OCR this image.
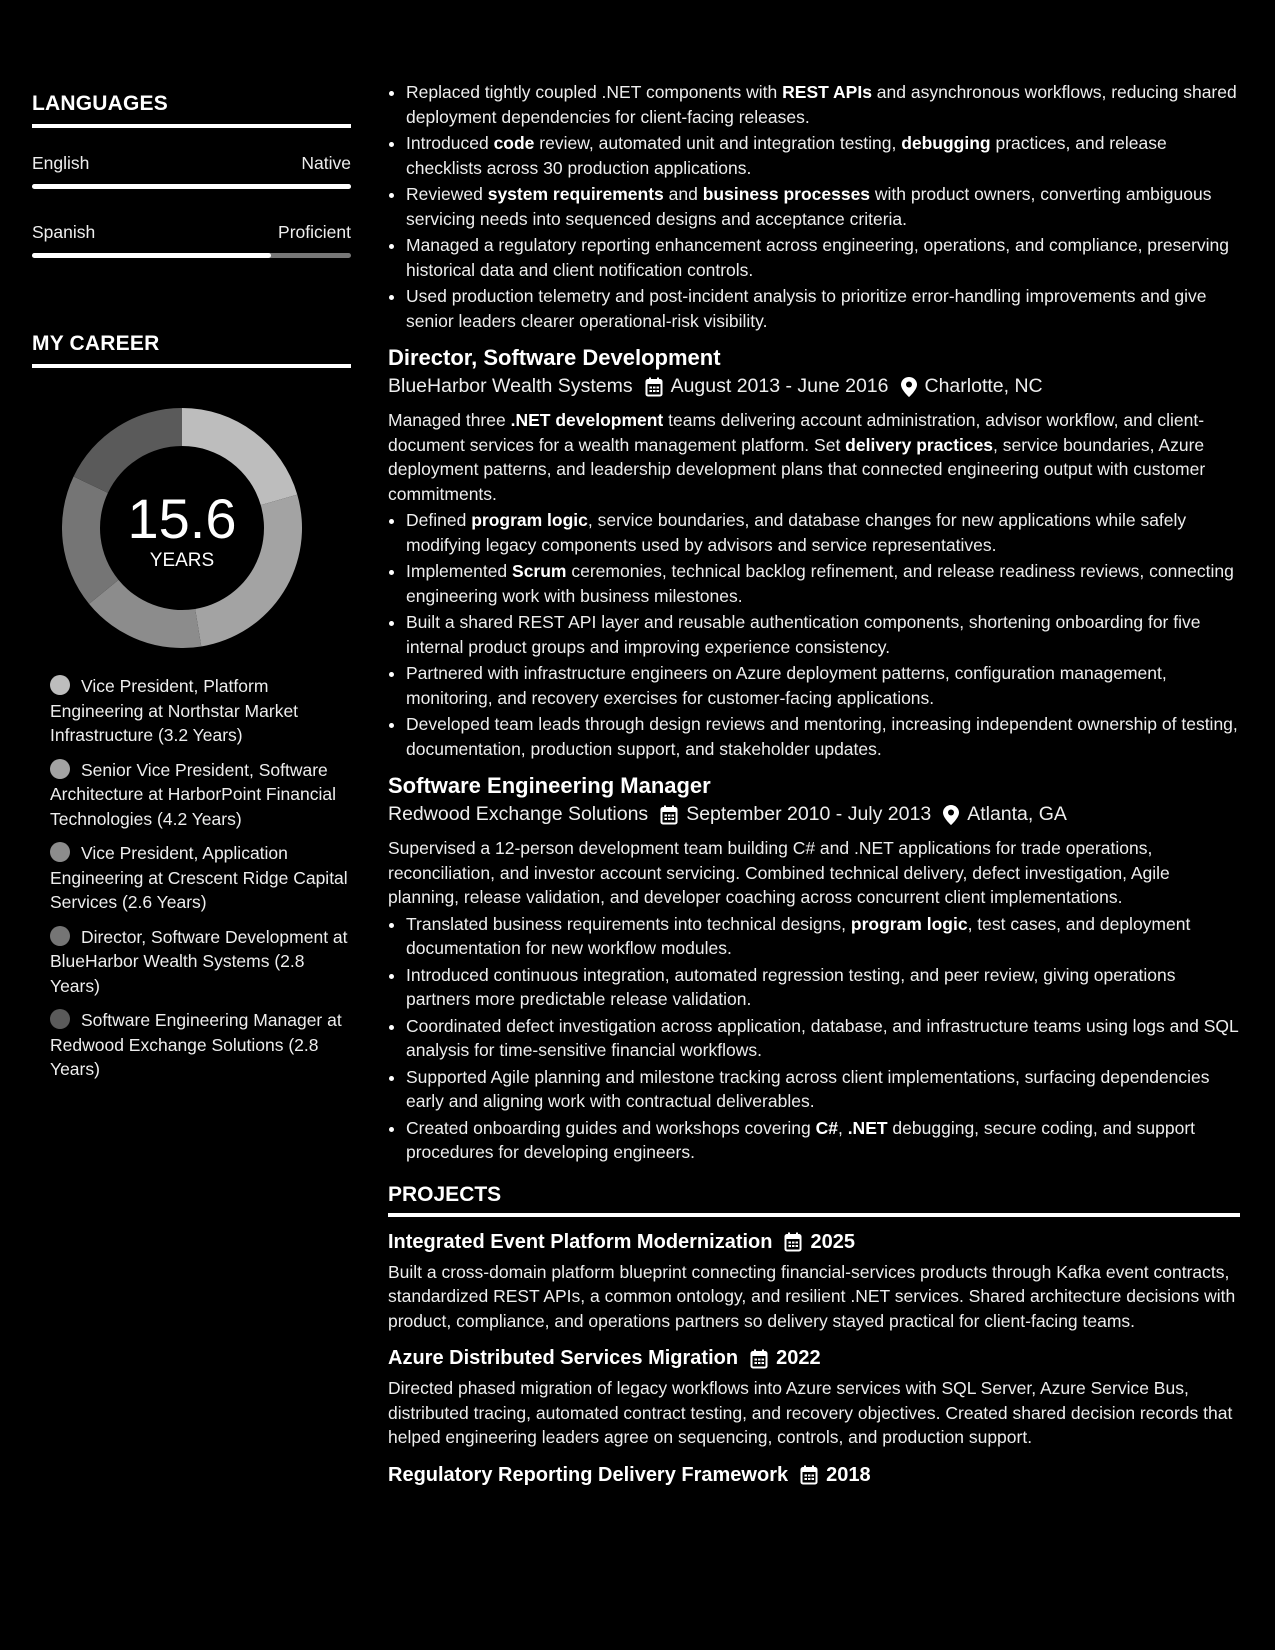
LANGUAGES
English	Native
Spanish	Proficient
MY CAREER
15.6
YEARS
Vice President, Platform Engineering at Northstar Market Infrastructure (3.2 Years)
Senior Vice President, Software Architecture at HarborPoint Financial Technologies (4.2 Years)
Vice President, Application Engineering at Crescent Ridge Capital Services (2.6 Years)
Director, Software Development at BlueHarbor Wealth Systems (2.8 Years)
Software Engineering Manager at Redwood Exchange Solutions (2.8 Years)
• Replaced tightly coupled .NET components with REST APIs and asynchronous workflows, reducing shared deployment dependencies for client-facing releases.
• Introduced code review, automated unit and integration testing, debugging practices, and release checklists across 30 production applications.
• Reviewed system requirements and business processes with product owners, converting ambiguous servicing needs into sequenced designs and acceptance criteria.
• Managed a regulatory reporting enhancement across engineering, operations, and compliance, preserving historical data and client notification controls.
• Used production telemetry and post-incident analysis to prioritize error-handling improvements and give senior leaders clearer operational-risk visibility.
Director, Software Development
BlueHarbor Wealth Systems August 2013 - June 2016 Charlotte, NC

Managed three .NET development teams delivering account administration, advisor workflow, and client-document services for a wealth management platform. Set delivery practices, service boundaries, Azure deployment patterns, and leadership development plans that connected engineering output with customer commitments.

• Defined program logic, service boundaries, and database changes for new applications while safely modifying legacy components used by advisors and service representatives.
• Implemented Scrum ceremonies, technical backlog refinement, and release readiness reviews, connecting engineering work with business milestones.
• Built a shared REST API layer and reusable authentication components, shortening onboarding for five internal product groups and improving experience consistency.
• Partnered with infrastructure engineers on Azure deployment patterns, configuration management, monitoring, and recovery exercises for customer-facing applications.
• Developed team leads through design reviews and mentoring, increasing independent ownership of testing, documentation, production support, and stakeholder updates.
Software Engineering Manager
Redwood Exchange Solutions September 2010 - July 2013 Atlanta, GA

Supervised a 12-person development team building C# and .NET applications for trade operations, reconciliation, and investor account servicing. Combined technical delivery, defect investigation, Agile planning, release validation, and developer coaching across concurrent client implementations.

• Translated business requirements into technical designs, program logic, test cases, and deployment documentation for new workflow modules.
• Introduced continuous integration, automated regression testing, and peer review, giving operations partners more predictable release validation.
• Coordinated defect investigation across application, database, and infrastructure teams using logs and SQL analysis for time-sensitive financial workflows.
• Supported Agile planning and milestone tracking across client implementations, surfacing dependencies early and aligning work with contractual deliverables.
• Created onboarding guides and workshops covering C#, .NET debugging, secure coding, and support procedures for developing engineers.
PROJECTS
Integrated Event Platform Modernization 2025

Built a cross-domain platform blueprint connecting financial-services products through Kafka event contracts, standardized REST APIs, a common ontology, and resilient .NET services. Shared architecture decisions with product, compliance, and operations partners so delivery stayed practical for client-facing teams.

Azure Distributed Services Migration 2022

Directed phased migration of legacy workflows into Azure services with SQL Server, Azure Service Bus, distributed tracing, automated contract testing, and recovery objectives. Created shared decision records that helped engineering leaders agree on sequencing, controls, and production support.

Regulatory Reporting Delivery Framework 2018
